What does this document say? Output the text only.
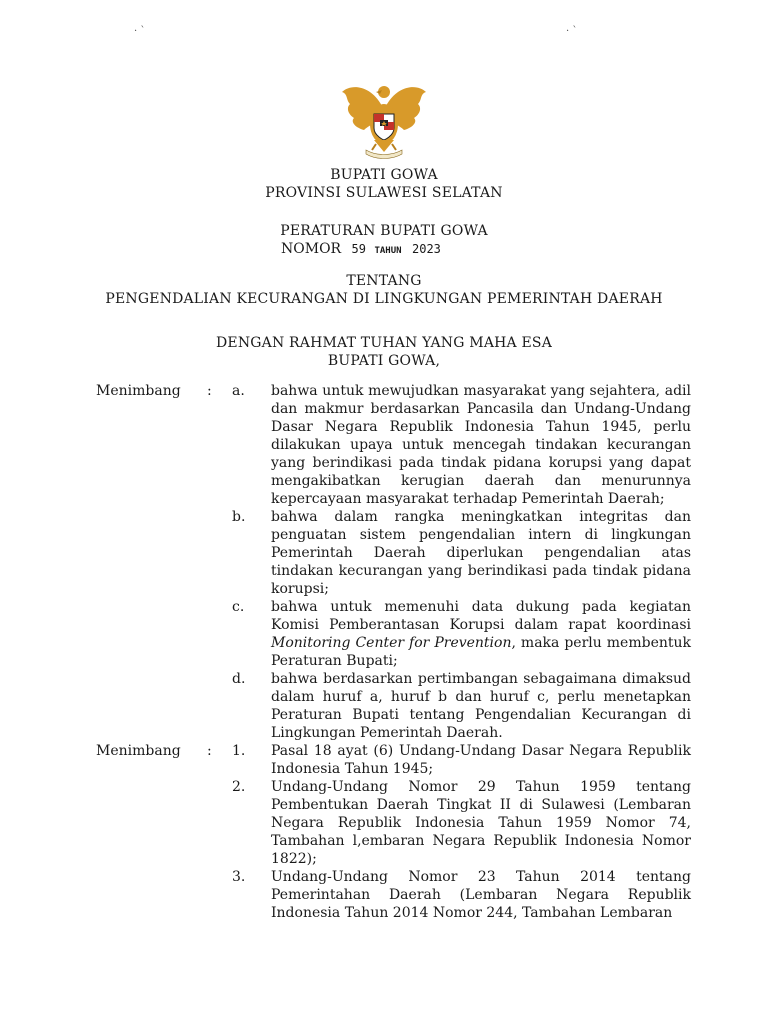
· `	· `
BUPATI GOWA
PROVINSI SULAWESI SELATAN
PERATURAN BUPATI GOWA
NOMOR 59 TAHUN 2023
TENTANG
PENGENDALIAN KECURANGAN DI LINGKUNGAN PEMERINTAH DAERAH
DENGAN RAHMAT TUHAN YANG MAHA ESA
BUPATI GOWA,
Menimbang : a. bahwa untuk mewujudkan masyarakat yang sejahtera, adil dan makmur berdasarkan Pancasila dan Undang-Undang Dasar Negara Republik Indonesia Tahun 1945, perlu dilakukan upaya untuk mencegah tindakan kecurangan yang berindikasi pada tindak pidana korupsi yang dapat mengakibatkan kerugian daerah dan menurunnya kepercayaan masyarakat terhadap Pemerintah Daerah;
b. bahwa dalam rangka meningkatkan integritas dan penguatan sistem pengendalian intern di lingkungan Pemerintah Daerah diperlukan pengendalian atas tindakan kecurangan yang berindikasi pada tindak pidana korupsi;
c. bahwa untuk memenuhi data dukung pada kegiatan Komisi Pemberantasan Korupsi dalam rapat koordinasi Monitoring Center for Prevention, maka perlu membentuk Peraturan Bupati;
d. bahwa berdasarkan pertimbangan sebagaimana dimaksud dalam huruf a, huruf b dan huruf c, perlu menetapkan Peraturan Bupati tentang Pengendalian Kecurangan di Lingkungan Pemerintah Daerah.
Menimbang : 1. Pasal 18 ayat (6) Undang-Undang Dasar Negara Republik Indonesia Tahun 1945;
2. Undang-Undang Nomor 29 Tahun 1959 tentang Pembentukan Daerah Tingkat II di Sulawesi (Lembaran Negara Republik Indonesia Tahun 1959 Nomor 74, Tambahan l,embaran Negara Republik Indonesia Nomor 1822);
3. Undang-Undang Nomor 23 Tahun 2014 tentang Pemerintahan Daerah (Lembaran Negara Republik Indonesia Tahun 2014 Nomor 244, Tambahan Lembaran
